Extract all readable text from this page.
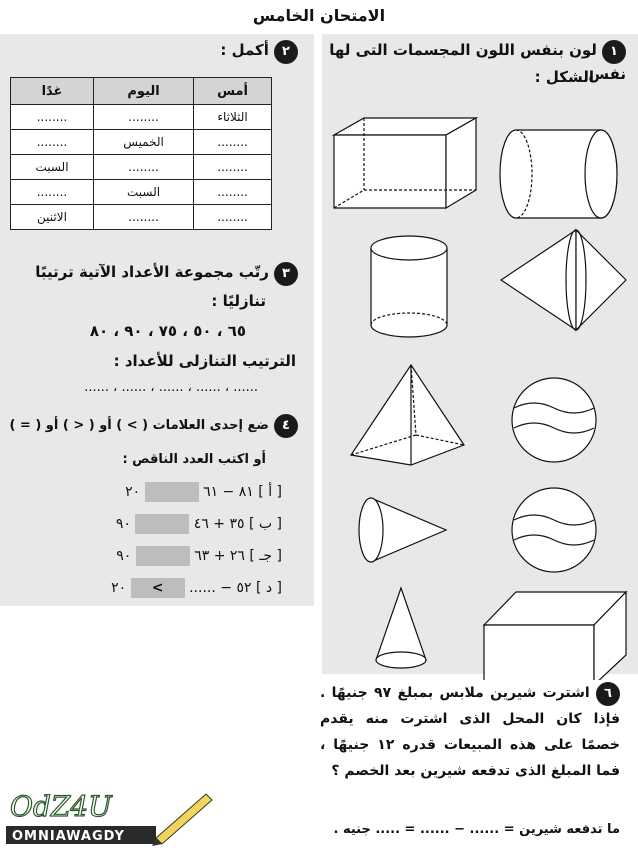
الامتحان الخامس
١ لون بنفس اللون المجسمات التى لها نفس
الشكل :
٢ أكمل :
أمس	اليوم	غدًا
الثلاثاء	........	........
........	الخميس	........
........	........	السبت
........	السبت	........
........	........	الاثنين
٣ رتّب مجموعة الأعداد الآتية ترتيبًا
تنازليًا :
٦٥ ، ٥٠ ، ٧٥ ، ٩٠ ، ٨٠
الترتيب التنازلى للأعداد :
...... ، ...... ، ...... ، ...... ، ......
٤ ضع إحدى العلامات ( > ) أو ( < ) أو ( = )
أو اكتب العدد الناقص :
[ أ ] ٨١ − ٦١  ٢٠
[ ب ] ٣٥ + ٤٦  ٩٠
[ جـ ] ٢٦ + ٦٣  ٩٠
[ د ] ٥٢ − ...... > ٢٠
٦ اشترت شيرين ملابس بمبلغ ٩٧ جنيهًا . فإذا كان المحل الذى اشترت منه يقدم خصمًا على هذه المبيعات قدره ١٢ جنيهًا ، فما المبلغ الذى تدفعه شيرين بعد الخصم ؟
ما تدفعه شيرين = ...... − ...... = ..... جنيه .
OdZ4U
OMNIAWAGDY
